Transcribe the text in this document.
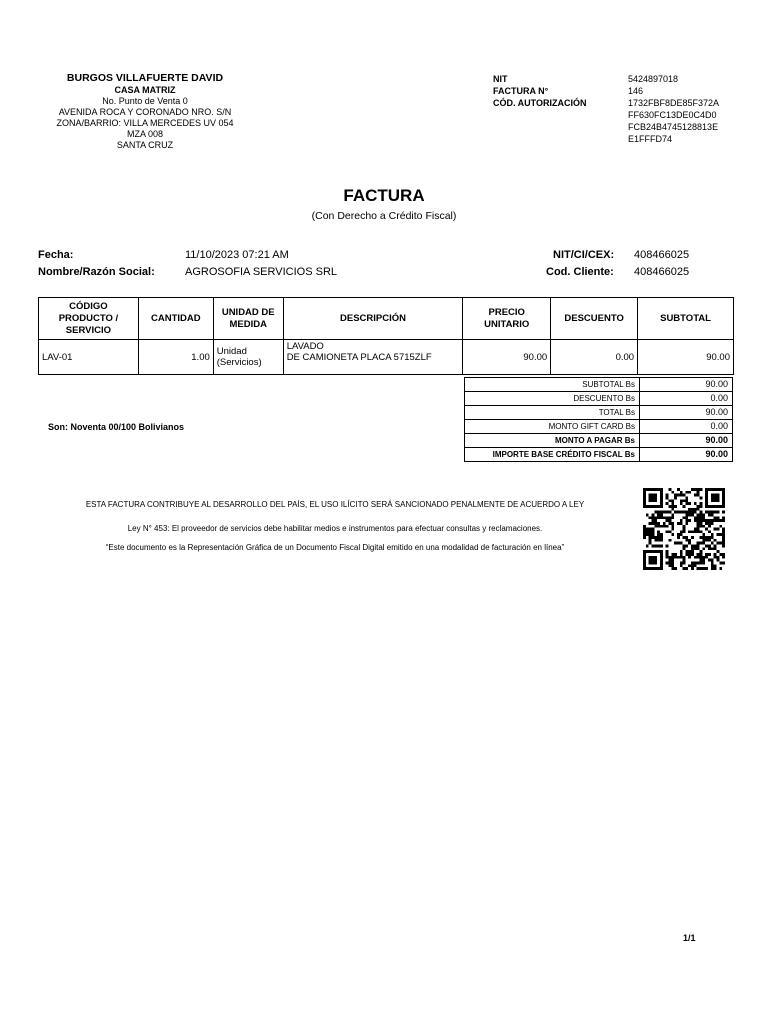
BURGOS VILLAFUERTE DAVID
CASA MATRIZ
No. Punto de Venta 0
AVENIDA ROCA Y CORONADO NRO. S/N
ZONA/BARRIO: VILLA MERCEDES UV 054
MZA 008
SANTA CRUZ
NIT	5424897018
FACTURA N°	146
CÓD. AUTORIZACIÓN	1732FBF8DE85F372A
FF630FC13DE0C4D0
FCB24B4745128813E
E1FFFD74
FACTURA
(Con Derecho a Crédito Fiscal)
Fecha:	11/10/2023 07:21 AM
Nombre/Razón Social:	AGROSOFIA SERVICIOS SRL
NIT/CI/CEX: 408466025
Cod. Cliente: 408466025
CÓDIGO PRODUCTO / SERVICIO	CANTIDAD	UNIDAD DE MEDIDA	DESCRIPCIÓN	PRECIO UNITARIO	DESCUENTO	SUBTOTAL
LAV-01	1.00	Unidad (Servicios)	LAVADO
DE CAMIONETA PLACA 5715ZLF	90.00	0.00	90.00
SUBTOTAL Bs	90.00
DESCUENTO Bs	0.00
TOTAL Bs	90.00
MONTO GIFT CARD Bs	0.00
MONTO A PAGAR Bs	90.00
IMPORTE BASE CRÉDITO FISCAL Bs	90.00
Son: Noventa 00/100 Bolivianos
ESTA FACTURA CONTRIBUYE AL DESARROLLO DEL PAÍS, EL USO ILÍCITO SERÁ SANCIONADO PENALMENTE DE ACUERDO A LEY
Ley N° 453: El proveedor de servicios debe habilitar medios e instrumentos para efectuar consultas y reclamaciones.
“Este documento es la Representación Gráfica de un Documento Fiscal Digital emitido en una modalidad de facturación en línea”
1/1
